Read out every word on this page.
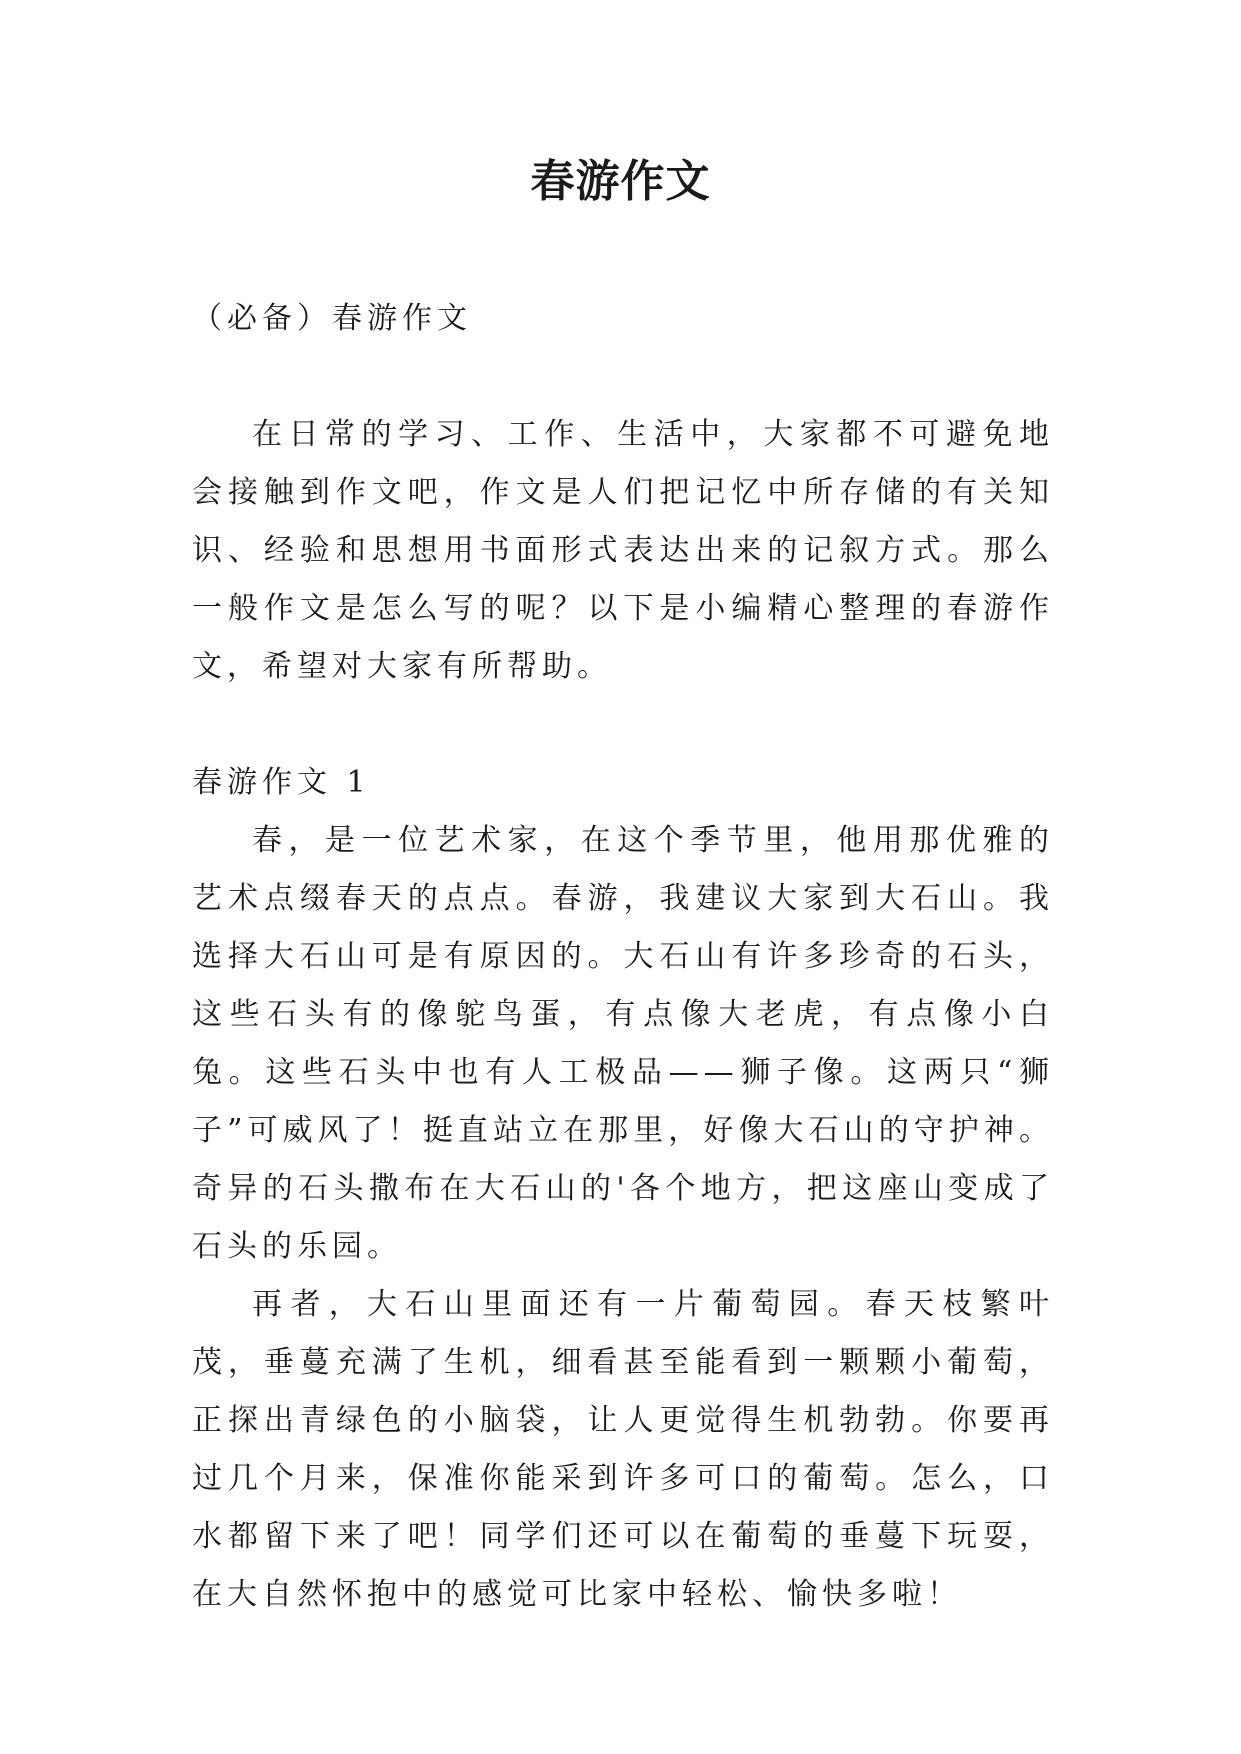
春游作文

（必备）春游作文

在日常的学习、工作、生活中，大家都不可避免地会接触到作文吧，作文是人们把记忆中所存储的有关知识、经验和思想用书面形式表达出来的记叙方式。那么一般作文是怎么写的呢？以下是小编精心整理的春游作文，希望对大家有所帮助。

春游作文 1

春，是一位艺术家，在这个季节里，他用那优雅的艺术点缀春天的点点。春游，我建议大家到大石山。我选择大石山可是有原因的。大石山有许多珍奇的石头，这些石头有的像鸵鸟蛋，有点像大老虎，有点像小白兔。这些石头中也有人工极品——狮子像。这两只“狮子”可威风了！挺直站立在那里，好像大石山的守护神。奇异的石头撒布在大石山的'各个地方，把这座山变成了石头的乐园。

再者，大石山里面还有一片葡萄园。春天枝繁叶茂，垂蔓充满了生机，细看甚至能看到一颗颗小葡萄，正探出青绿色的小脑袋，让人更觉得生机勃勃。你要再过几个月来，保准你能采到许多可口的葡萄。怎么，口水都留下来了吧！同学们还可以在葡萄的垂蔓下玩耍，在大自然怀抱中的感觉可比家中轻松、愉快多啦！
